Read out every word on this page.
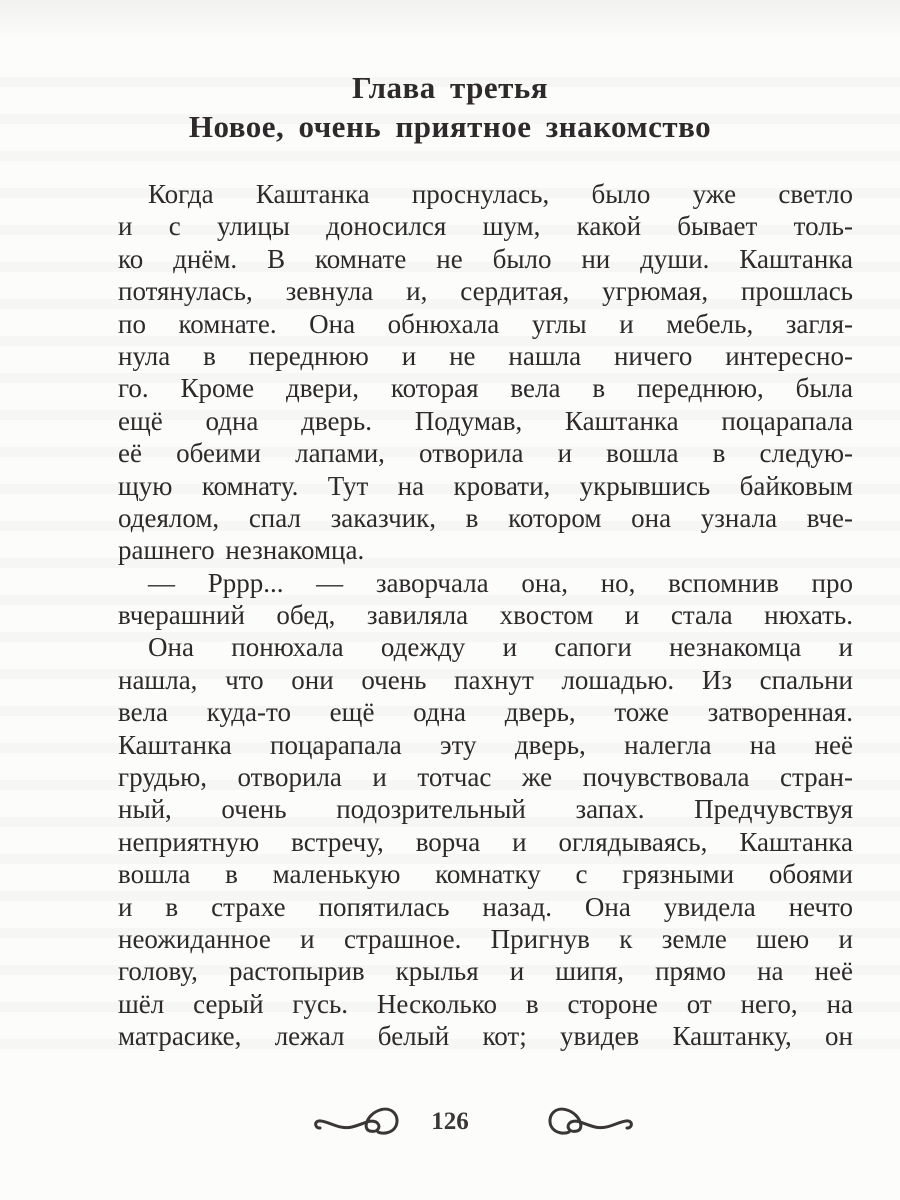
Глава третья
Новое, очень приятное знакомство
Когда Каштанка проснулась, было уже светло
и с улицы доносился шум, какой бывает толь-
ко днём. В комнате не было ни души. Каштанка
потянулась, зевнула и, сердитая, угрюмая, прошлась
по комнате. Она обнюхала углы и мебель, загля-
нула в переднюю и не нашла ничего интересно-
го. Кроме двери, которая вела в переднюю, была
ещё одна дверь. Подумав, Каштанка поцарапала
её обеими лапами, отворила и вошла в следую-
щую комнату. Тут на кровати, укрывшись байковым
одеялом, спал заказчик, в котором она узнала вче-
рашнего незнакомца.
— Рррр... — заворчала она, но, вспомнив про
вчерашний обед, завиляла хвостом и стала нюхать.
Она понюхала одежду и сапоги незнакомца и
нашла, что они очень пахнут лошадью. Из спальни
вела куда-то ещё одна дверь, тоже затворенная.
Каштанка поцарапала эту дверь, налегла на неё
грудью, отворила и тотчас же почувствовала стран-
ный, очень подозрительный запах. Предчувствуя
неприятную встречу, ворча и оглядываясь, Каштанка
вошла в маленькую комнатку с грязными обоями
и в страхе попятилась назад. Она увидела нечто
неожиданное и страшное. Пригнув к земле шею и
голову, растопырив крылья и шипя, прямо на неё
шёл серый гусь. Несколько в стороне от него, на
матрасике, лежал белый кот; увидев Каштанку, он
126
